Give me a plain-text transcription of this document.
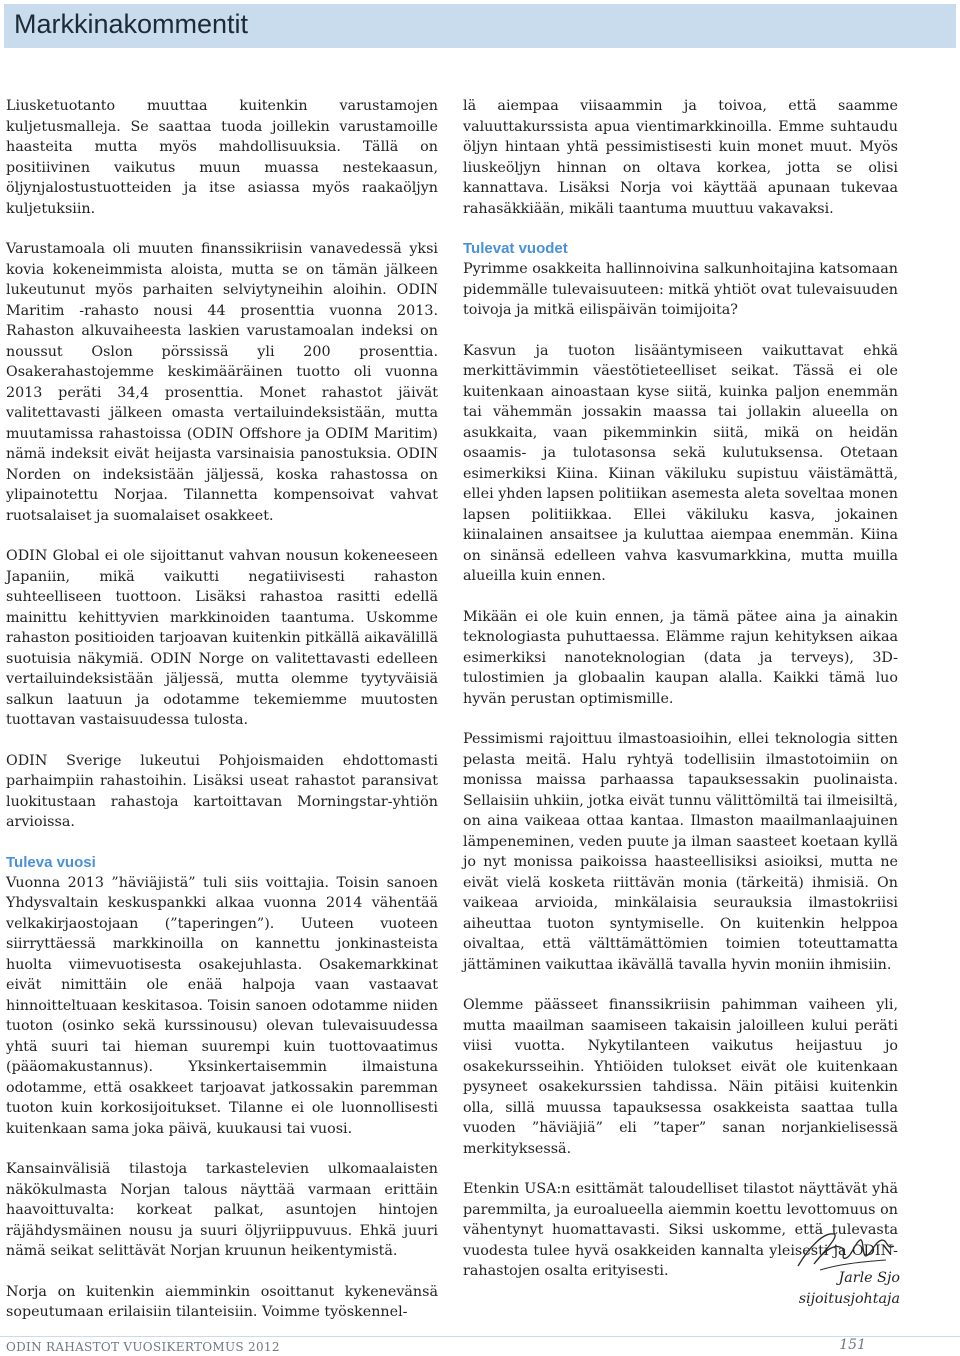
Markkinakommentit

Liusketuotanto muuttaa kuitenkin varustamojen kuljetusmalleja. Se saattaa tuoda joillekin varustamoille haasteita mutta myös mahdollisuuksia. Tällä on positiivinen vaikutus muun muassa nestekaasun, öljynjalostustuotteiden ja itse asiassa myös raakaöljyn kuljetuksiin.

Varustamoala oli muuten finanssikriisin vanavedessä yksi kovia kokeneimmista aloista, mutta se on tämän jälkeen lukeutunut myös parhaiten selviytyneihin aloihin. ODIN Maritim -rahasto nousi 44 prosenttia vuonna 2013. Rahaston alkuvaiheesta laskien varustamoalan indeksi on noussut Oslon pörssissä yli 200 prosenttia. Osakerahastojemme keskimääräinen tuotto oli vuonna 2013 peräti 34,4 prosenttia. Monet rahastot jäivät valitettavasti jälkeen omasta vertailuindeksistään, mutta muutamissa rahastoissa (ODIN Offshore ja ODIM Maritim) nämä indeksit eivät heijasta varsinaisia panostuksia. ODIN Norden on indeksistään jäljessä, koska rahastossa on ylipainotettu Norjaa. Tilannetta kompensoivat vahvat ruotsalaiset ja suomalaiset osakkeet.

ODIN Global ei ole sijoittanut vahvan nousun kokeneeseen Japaniin, mikä vaikutti negatiivisesti rahaston suhteelliseen tuottoon. Lisäksi rahastoa rasitti edellä mainittu kehittyvien markkinoiden taantuma. Uskomme rahaston positioiden tarjoavan kuitenkin pitkällä aikavälillä suotuisia näkymiä. ODIN Norge on valitettavasti edelleen vertailuindeksistään jäljessä, mutta olemme tyytyväisiä salkun laatuun ja odotamme tekemiemme muutosten tuottavan vastaisuudessa tulosta.

ODIN Sverige lukeutui Pohjoismaiden ehdottomasti parhaimpiin rahastoihin. Lisäksi useat rahastot paransivat luokitustaan rahastoja kartoittavan Morningstar-yhtiön arvioissa.

Tuleva vuosi

Vuonna 2013 ”häviäjistä” tuli siis voittajia. Toisin sanoen Yhdysvaltain keskuspankki alkaa vuonna 2014 vähentää velkakirjaostojaan (”taperingen”). Uuteen vuoteen siirryttäessä markkinoilla on kannettu jonkinasteista huolta viimevuotisesta osakejuhlasta. Osakemarkkinat eivät nimittäin ole enää halpoja vaan vastaavat hinnoitteltuaan keskitasoa. Toisin sanoen odotamme niiden tuoton (osinko sekä kurssinousu) olevan tulevaisuudessa yhtä suuri tai hieman suurempi kuin tuottovaatimus (pääomakustannus). Yksinkertaisemmin ilmaistuna odotamme, että osakkeet tarjoavat jatkossakin paremman tuoton kuin korkosijoitukset. Tilanne ei ole luonnollisesti kuitenkaan sama joka päivä, kuukausi tai vuosi.

Kansainvälisiä tilastoja tarkastelevien ulkomaalaisten näkökulmasta Norjan talous näyttää varmaan erittäin haavoittuvalta: korkeat palkat, asuntojen hintojen räjähdysmäinen nousu ja suuri öljyriippuvuus. Ehkä juuri nämä seikat selittävät Norjan kruunun heikentymistä.

Norja on kuitenkin aiemminkin osoittanut kykenevänsä sopeutumaan erilaisiin tilanteisiin. Voimme työskennel-

lä aiempaa viisaammin ja toivoa, että saamme valuuttakurssista apua vientimarkkinoilla. Emme suhtaudu öljyn hintaan yhtä pessimistisesti kuin monet muut. Myös liuskeöljyn hinnan on oltava korkea, jotta se olisi kannattava. Lisäksi Norja voi käyttää apunaan tukevaa rahasäkkiään, mikäli taantuma muuttuu vakavaksi.

Tulevat vuodet

Pyrimme osakkeita hallinnoivina salkunhoitajina katsomaan pidemmälle tulevaisuuteen: mitkä yhtiöt ovat tulevaisuuden toivoja ja mitkä eilispäivän toimijoita?

Kasvun ja tuoton lisääntymiseen vaikuttavat ehkä merkittävimmin väestötieteelliset seikat. Tässä ei ole kuitenkaan ainoastaan kyse siitä, kuinka paljon enemmän tai vähemmän jossakin maassa tai jollakin alueella on asukkaita, vaan pikemminkin siitä, mikä on heidän osaamis- ja tulotasonsa sekä kulutuksensa. Otetaan esimerkiksi Kiina. Kiinan väkiluku supistuu väistämättä, ellei yhden lapsen politiikan asemesta aleta soveltaa monen lapsen politiikkaa. Ellei väkiluku kasva, jokainen kiinalainen ansaitsee ja kuluttaa aiempaa enemmän. Kiina on sinänsä edelleen vahva kasvumarkkina, mutta muilla alueilla kuin ennen.

Mikään ei ole kuin ennen, ja tämä pätee aina ja ainakin teknologiasta puhuttaessa. Elämme rajun kehityksen aikaa esimerkiksi nanoteknologian (data ja terveys), 3D-tulostimien ja globaalin kaupan alalla. Kaikki tämä luo hyvän perustan optimismille.

Pessimismi rajoittuu ilmastoasioihin, ellei teknologia sitten pelasta meitä. Halu ryhtyä todellisiin ilmastotoimiin on monissa maissa parhaassa tapauksessakin puolinaista. Sellaisiin uhkiin, jotka eivät tunnu välittömiltä tai ilmeisiltä, on aina vaikeaa ottaa kantaa. Ilmaston maailmanlaajuinen lämpeneminen, veden puute ja ilman saasteet koetaan kyllä jo nyt monissa paikoissa haasteellisiksi asioiksi, mutta ne eivät vielä kosketa riittävän monia (tärkeitä) ihmisiä. On vaikeaa arvioida, minkälaisia seurauksia ilmastokriisi aiheuttaa tuoton syntymiselle. On kuitenkin helppoa oivaltaa, että välttämättömien toimien toteuttamatta jättäminen vaikuttaa ikävällä tavalla hyvin moniin ihmisiin.

Olemme päässeet finanssikriisin pahimman vaiheen yli, mutta maailman saamiseen takaisin jaloilleen kului peräti viisi vuotta. Nykytilanteen vaikutus heijastuu jo osakekursseihin. Yhtiöiden tulokset eivät ole kuitenkaan pysyneet osakekurssien tahdissa. Näin pitäisi kuitenkin olla, sillä muussa tapauksessa osakkeista saattaa tulla vuoden ”häviäjiä” eli ”taper” sanan norjankielisessä merkityksessä.

Etenkin USA:n esittämät taloudelliset tilastot näyttävät yhä paremmilta, ja euroalueella aiemmin koettu levottomuus on vähentynyt huomattavasti. Siksi uskomme, että tulevasta vuodesta tulee hyvä osakkeiden kannalta yleisesti ja ODIN-rahastojen osalta erityisesti.	Jarle Sjo
sijoitusjohtaja
ODIN RAHASTOT VUOSIKERTOMUS 2012	151
